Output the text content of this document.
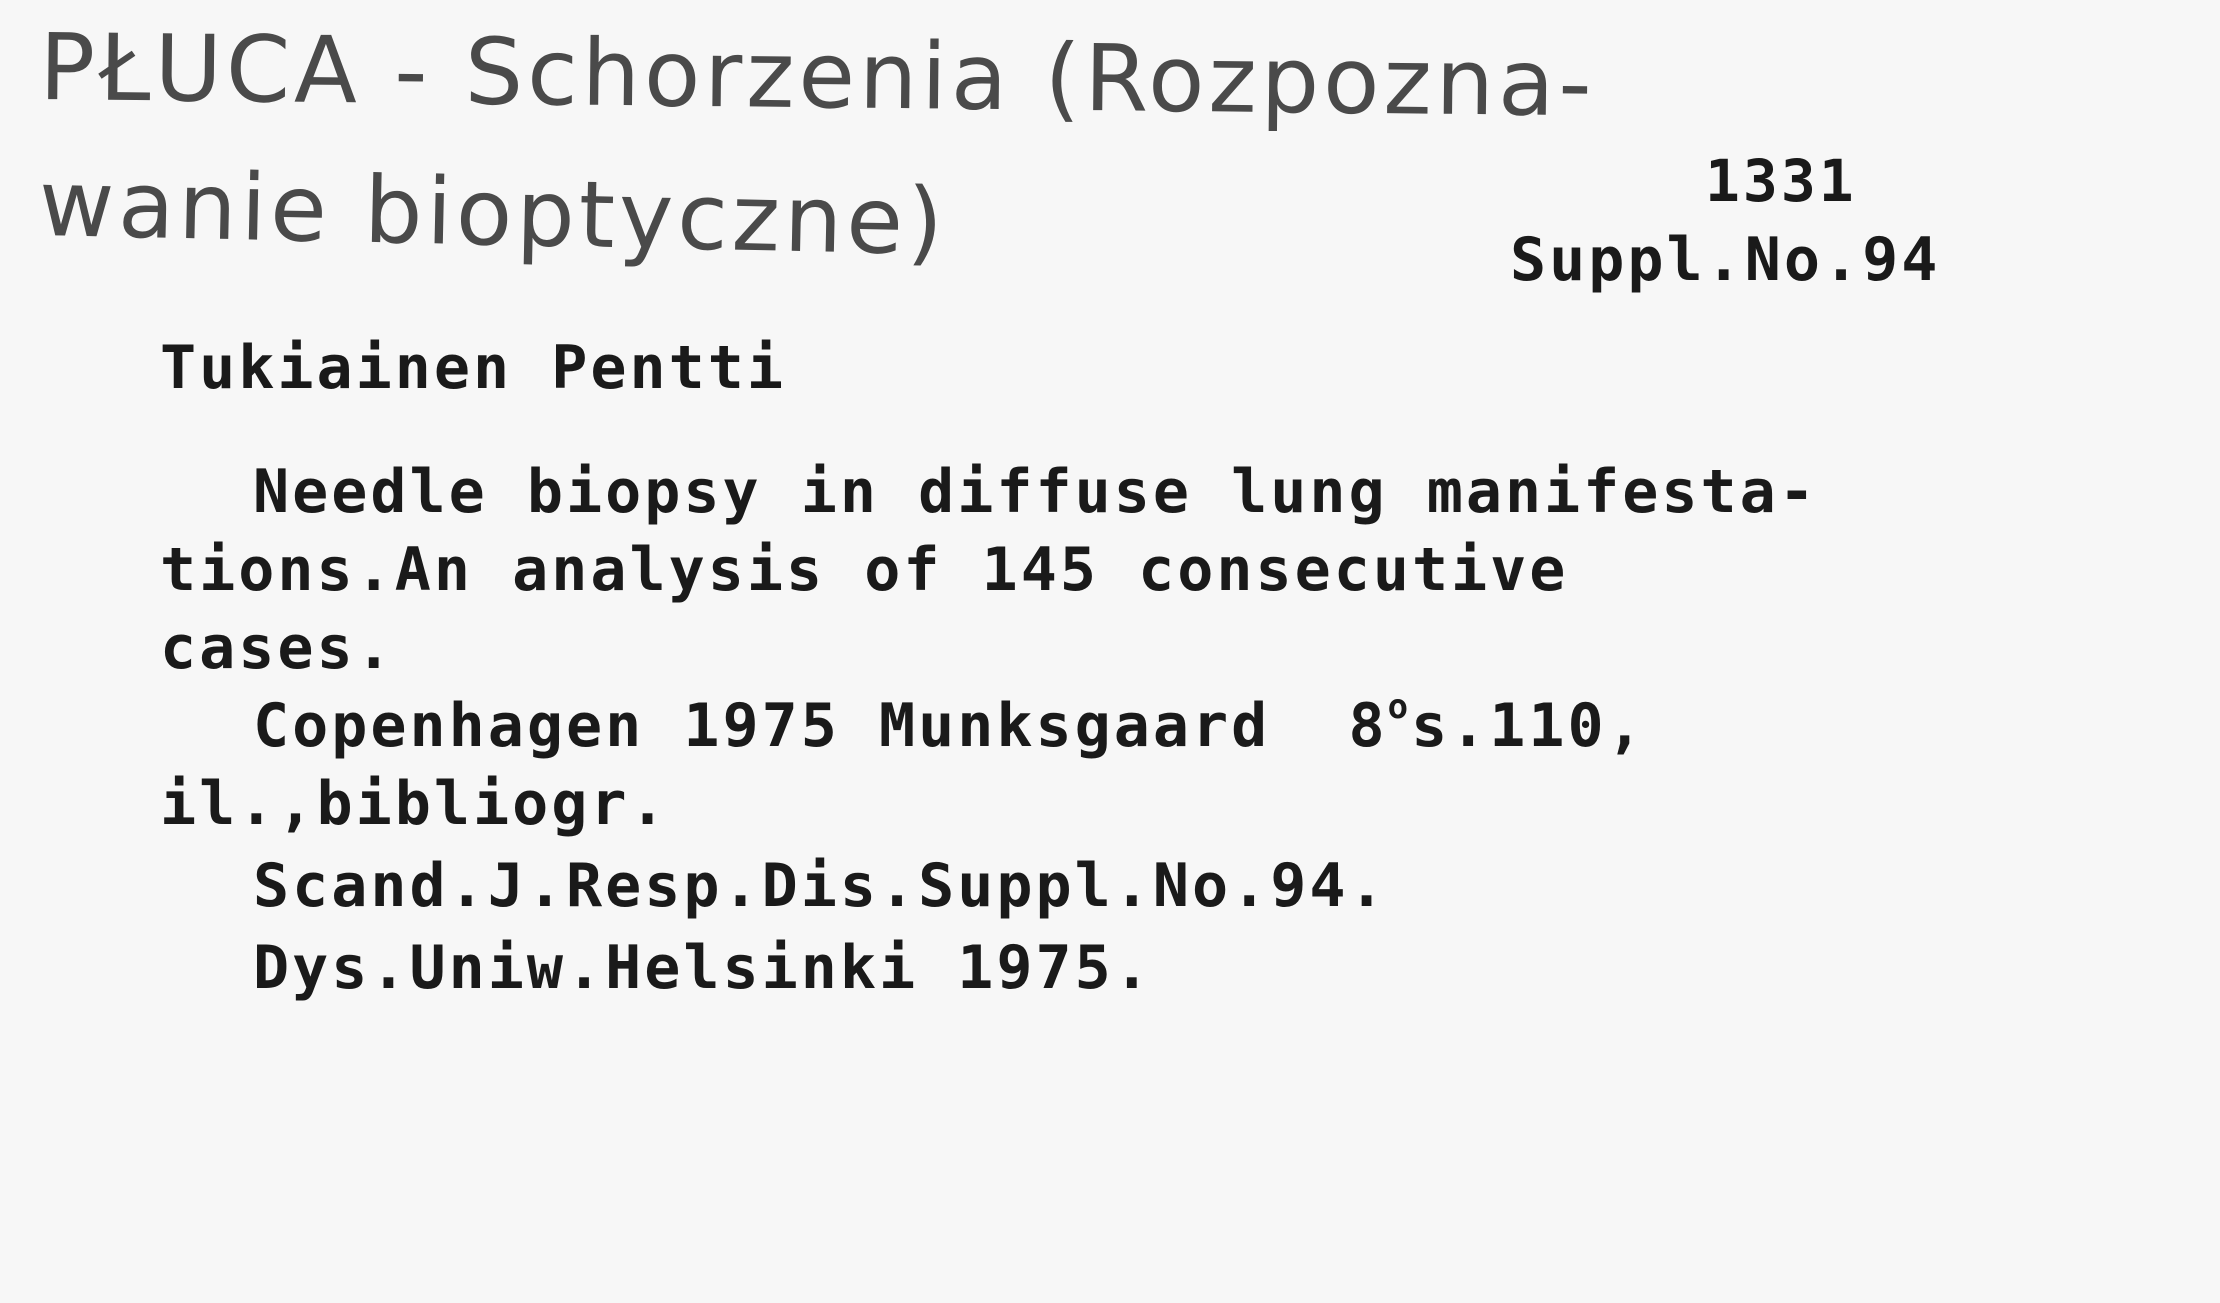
PŁUCA - Schorzenia (Rozpozna-
wanie bioptyczne)	1331
Suppl.No.94
Tukiainen Pentti
Needle biopsy in diffuse lung manifesta-
tions.An analysis of 145 consecutive
cases.
Copenhagen 1975 Munksgaard  8$^o$s.110,
il.,bibliogr.
Scand.J.Resp.Dis.Suppl.No.94.
Dys.Uniw.Helsinki 1975.
